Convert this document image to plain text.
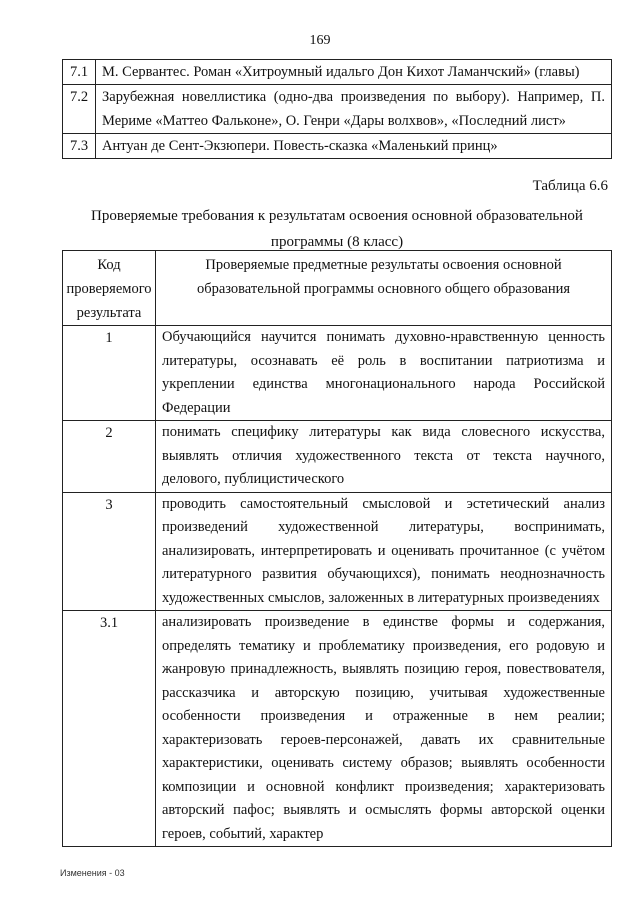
169
7.1	М. Сервантес. Роман «Хитроумный идальго Дон Кихот Ламанчский» (главы)
7.2	Зарубежная новеллистика (одно-два произведения по выбору). Например, П. Мериме «Маттео Фальконе», О. Генри «Дары волхвов», «Последний лист»
7.3	Антуан де Сент-Экзюпери. Повесть-сказка «Маленький принц»
Таблица 6.6
Проверяемые требования к результатам освоения основной образовательной программы (8 класс)
Код проверяемого результата	Проверяемые предметные результаты освоения основной образовательной программы основного общего образования
1	Обучающийся научится понимать духовно-нравственную ценность литературы, осознавать её роль в воспитании патриотизма и укреплении единства многонационального народа Российской Федерации
2	понимать специфику литературы как вида словесного искусства, выявлять отличия художественного текста от текста научного, делового, публицистического
3	проводить самостоятельный смысловой и эстетический анализ произведений художественной литературы, воспринимать, анализировать, интерпретировать и оценивать прочитанное (с учётом литературного развития обучающихся), понимать неоднозначность художественных смыслов, заложенных в литературных произведениях
3.1	анализировать произведение в единстве формы и содержания, определять тематику и проблематику произведения, его родовую и жанровую принадлежность, выявлять позицию героя, повествователя, рассказчика и авторскую позицию, учитывая художественные особенности произведения и отраженные в нем реалии; характеризовать героев-персонажей, давать их сравнительные характеристики, оценивать систему образов; выявлять особенности композиции и основной конфликт произведения; характеризовать авторский пафос; выявлять и осмыслять формы авторской оценки героев, событий, характер
Изменения - 03
